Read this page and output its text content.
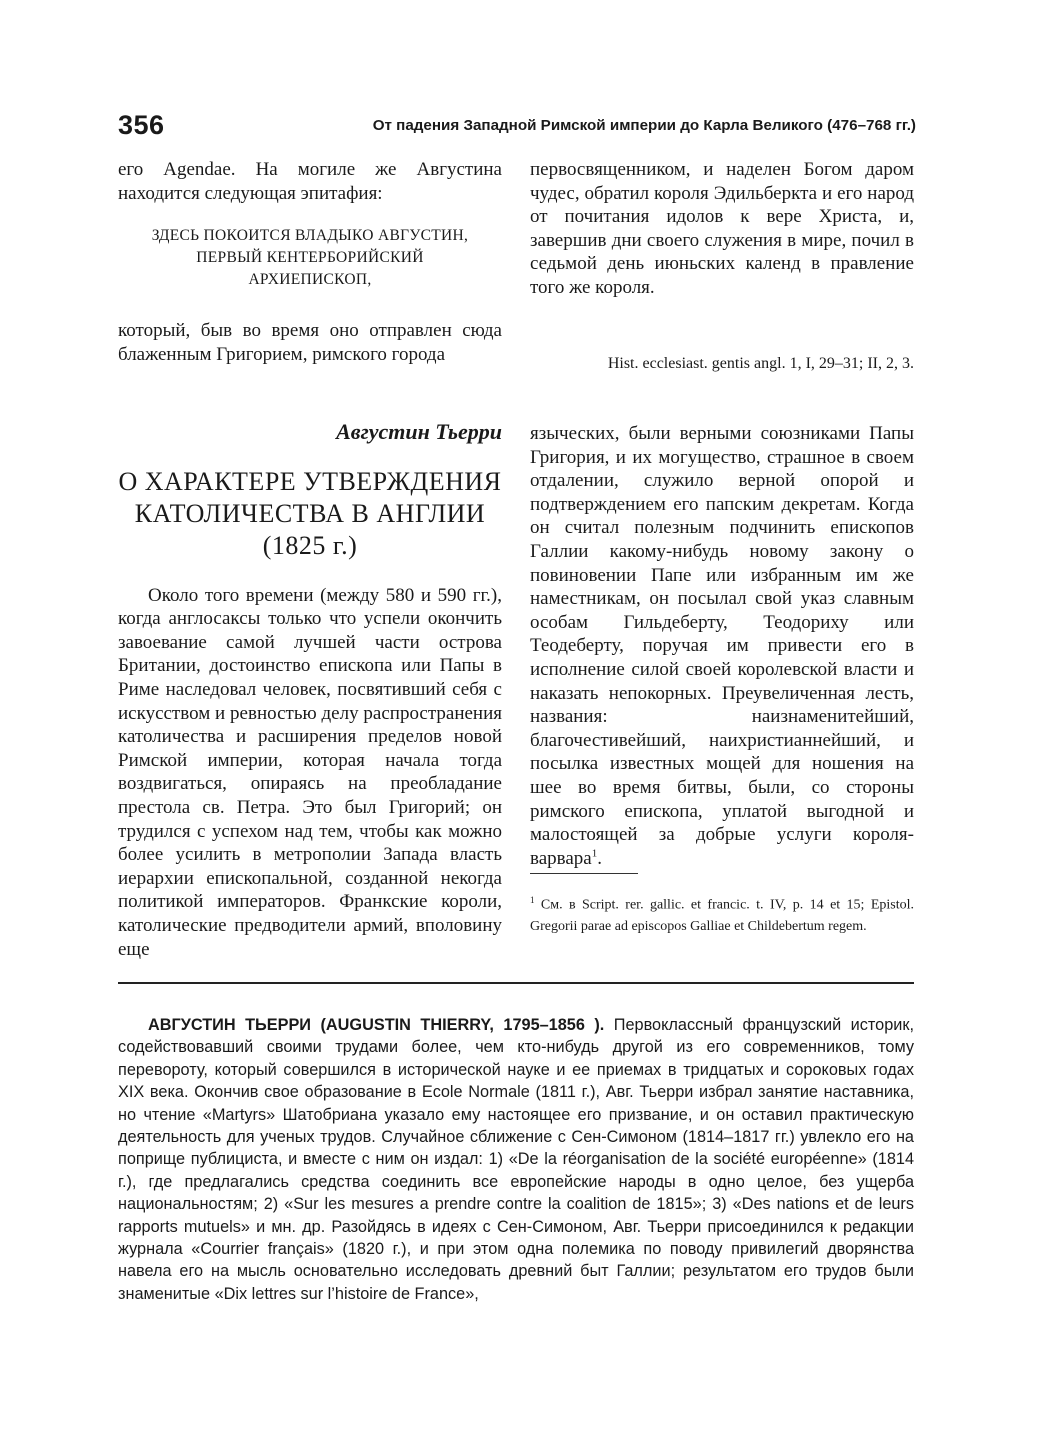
356	От падения Западной Римской империи до Карла Великого (476–768 гг.)

его Agendae. На могиле же Августина находится следующая эпитафия:

ЗДЕСЬ ПОКОИТСЯ ВЛАДЫКО АВГУСТИН,
ПЕРВЫЙ КЕНТЕРБОРИЙСКИЙ
АРХИЕПИСКОП,

который, быв во время оно отправлен сюда блаженным Григорием, римского города

первосвященником, и наделен Богом даром чудес, обратил короля Эдильберкта и его народ от почитания идолов к вере Христа, и, завершив дни своего служения в мире, почил в седьмой день июньских календ в правление того же короля.

Hist. ecclesiast. gentis angl. 1, I, 29–31; II, 2, 3.
Августин Тьерри
О ХАРАКТЕРЕ УТВЕРЖДЕНИЯ
КАТОЛИЧЕСТВА В АНГЛИИ
(1825 г.)

Около того времени (между 580 и 590 гг.), когда англосаксы только что успели окончить завоевание самой лучшей части острова Британии, достоинство епископа или Папы в Риме наследовал человек, посвятивший себя с искусством и ревностью делу распространения католичества и расширения пределов новой Римской империи, которая начала тогда воздвигаться, опираясь на преобладание престола св. Петра. Это был Григорий; он трудился с успехом над тем, чтобы как можно более усилить в метрополии Запада власть иерархии епископальной, созданной некогда политикой императоров. Франкские короли, католические предводители армий, вполовину еще

языческих, были верными союзниками Папы Григория, и их могущество, страшное в своем отдалении, служило верной опорой и подтверждением его папским декретам. Когда он считал полезным подчинить епископов Галлии какому-нибудь новому закону о повиновении Папе или избранным им же наместникам, он посылал свой указ славным особам Гильдеберту, Теодориху или Теодеберту, поручая им привести его в исполнение силой своей королевской власти и наказать непокорных. Преувеличенная лесть, названия: наизнаменитейший, благочестивейший, наихристианнейший, и посылка известных мощей для ношения на шее во время битвы, были, со стороны римского епископа, уплатой выгодной и малостоящей за добрые услуги короля-варвара$^1$.

$^1$ См. в Script. rer. gallic. et francic. t. IV, p. 14 et 15; Epistol. Gregorii parae ad episcopos Galliae et Childebertum regem.
АВГУСТИН ТЬЕРРИ (AUGUSTIN THIERRY, 1795–1856 ). Первоклассный французский историк, содействовавший своими трудами более, чем кто-нибудь другой из его современников, тому перевороту, который совершился в исторической науке и ее приемах в тридцатых и сороковых годах XIX века. Окончив свое образование в Ecole Normale (1811 г.), Авг. Тьерри избрал занятие наставника, но чтение «Martyrs» Шатобриана указало ему настоящее его призвание, и он оставил практическую деятельность для ученых трудов. Случайное сближение с Сен-Симоном (1814–1817 гг.) увлекло его на поприще публициста, и вместе с ним он издал: 1) «De la réorganisation de la société européenne» (1814 г.), где предлагались средства соединить все европейские народы в одно целое, без ущерба национальностям; 2) «Sur les mesures a prendre contre la coalition de 1815»; 3) «Des nations et de leurs rapports mutuels» и мн. др. Разойдясь в идеях с Сен-Симоном, Авг. Тьерри присоединился к редакции журнала «Courrier français» (1820 г.), и при этом одна полемика по поводу привилегий дворянства навела его на мысль основательно исследовать древний быт Галлии; результатом его трудов были знаменитые «Dix lettres sur l’histoire de France»,
